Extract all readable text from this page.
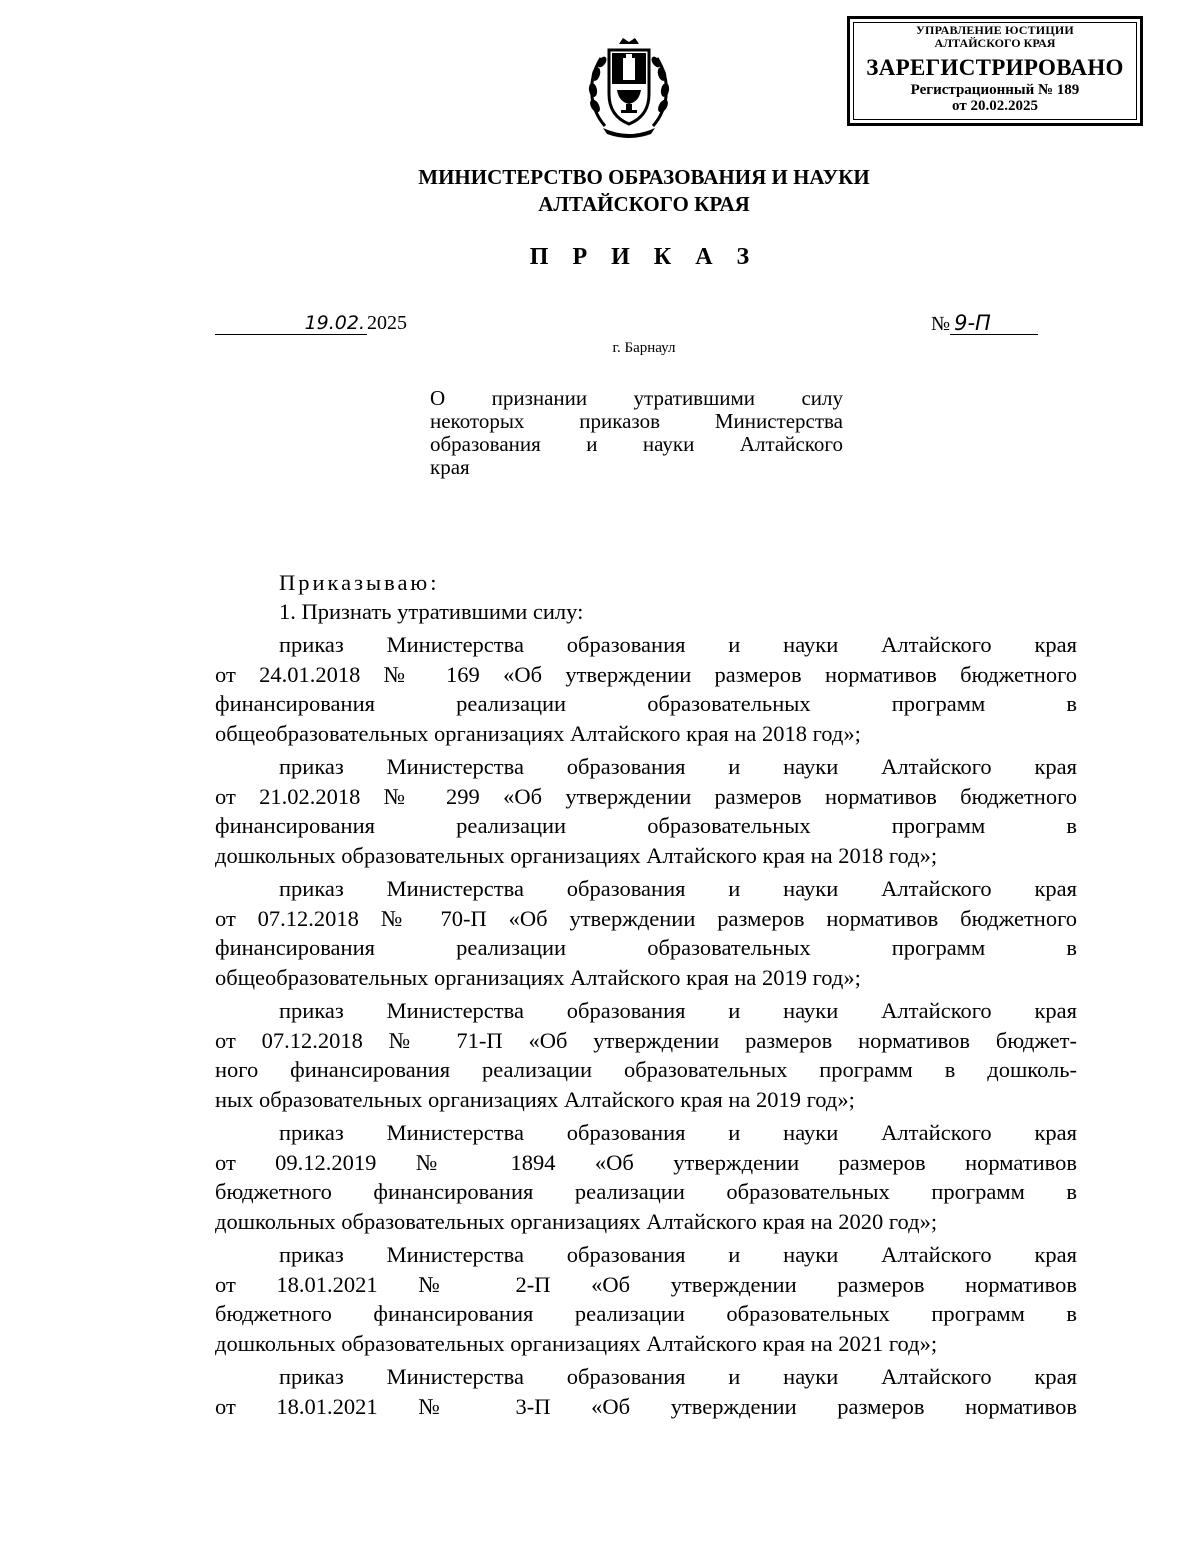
УПРАВЛЕНИЕ ЮСТИЦИИ
АЛТАЙСКОГО КРАЯ
ЗАРЕГИСТРИРОВАНО
Регистрационный № 189
от 20.02.2025
МИНИСТЕРСТВО ОБРАЗОВАНИЯ И НАУКИ
АЛТАЙСКОГО КРАЯ
П Р И К А З
19.02. 2025	№ 9-П
г. Барнаул
О признании утратившими силу
некоторых приказов Министерства
образования и науки Алтайского
края
Приказываю:
1. Признать утратившими силу:
приказ Министерства образования и науки Алтайского края
от 24.01.2018 № 169 «Об утверждении размеров нормативов бюджетного
финансирования реализации образовательных программ в
общеобразовательных организациях Алтайского края на 2018 год»;
приказ Министерства образования и науки Алтайского края
от 21.02.2018 № 299 «Об утверждении размеров нормативов бюджетного
финансирования реализации образовательных программ в
дошкольных образовательных организациях Алтайского края на 2018 год»;
приказ Министерства образования и науки Алтайского края
от 07.12.2018 № 70-П «Об утверждении размеров нормативов бюджетного
финансирования реализации образовательных программ в
общеобразовательных организациях Алтайского края на 2019 год»;
приказ Министерства образования и науки Алтайского края
от 07.12.2018 № 71-П «Об утверждении размеров нормативов бюджет-
ного финансирования реализации образовательных программ в дошколь-
ных образовательных организациях Алтайского края на 2019 год»;
приказ Министерства образования и науки Алтайского края
от 09.12.2019 № 1894 «Об утверждении размеров нормативов
бюджетного финансирования реализации образовательных программ в
дошкольных образовательных организациях Алтайского края на 2020 год»;
приказ Министерства образования и науки Алтайского края
от 18.01.2021 № 2-П «Об утверждении размеров нормативов
бюджетного финансирования реализации образовательных программ в
дошкольных образовательных организациях Алтайского края на 2021 год»;
приказ Министерства образования и науки Алтайского края
от 18.01.2021 № 3-П «Об утверждении размеров нормативов
